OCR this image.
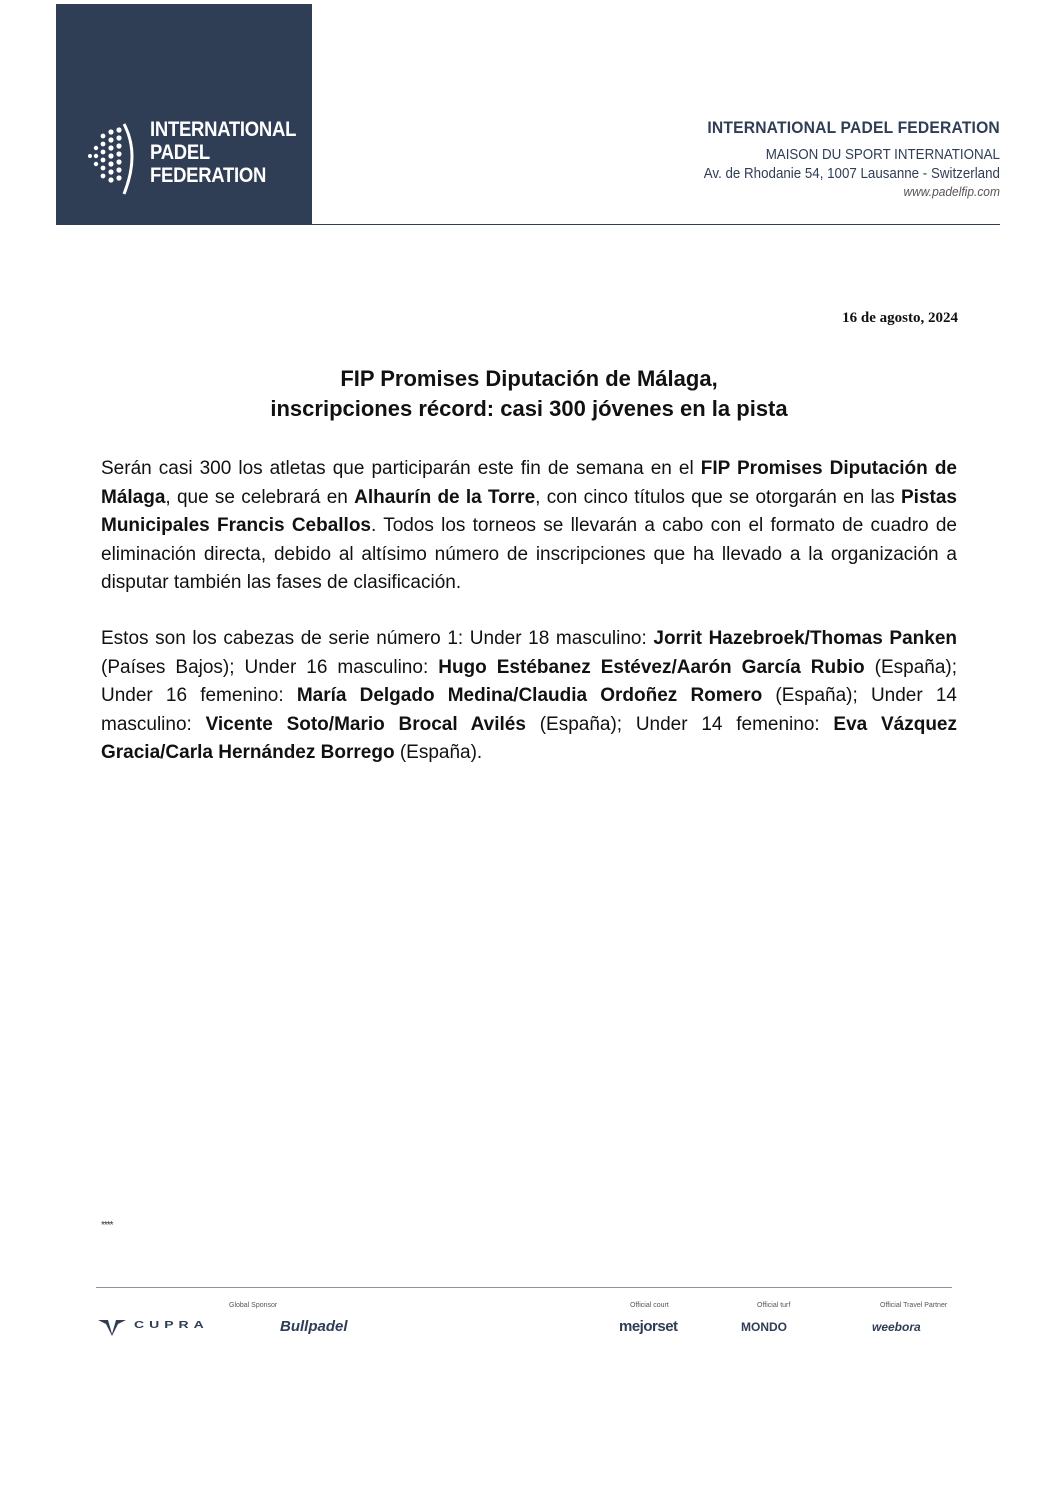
INTERNATIONAL
PADEL
FEDERATION
INTERNATIONAL PADEL FEDERATION
MAISON DU SPORT INTERNATIONAL
Av. de Rhodanie 54, 1007 Lausanne - Switzerland
www.padelfip.com
16 de agosto, 2024
FIP Promises Diputación de Málaga,
inscripciones récord: casi 300 jóvenes en la pista
Serán casi 300 los atletas que participarán este fin de semana en el FIP Promises Diputación de Málaga, que se celebrará en Alhaurín de la Torre, con cinco títulos que se otorgarán en las Pistas Municipales Francis Ceballos. Todos los torneos se llevarán a cabo con el formato de cuadro de eliminación directa, debido al altísimo número de inscripciones que ha llevado a la organización a disputar también las fases de clasificación.
Estos son los cabezas de serie número 1: Under 18 masculino: Jorrit Hazebroek/Thomas Panken (Países Bajos); Under 16 masculino: Hugo Estébanez Estévez/Aarón García Rubio (España); Under 16 femenino: María Delgado Medina/Claudia Ordoñez Romero (España); Under 14 masculino: Vicente Soto/Mario Brocal Avilés (España); Under 14 femenino: Eva Vázquez Gracia/Carla Hernández Borrego (España).
****
Global Sponsor	Official court	Official turf	Official Travel Partner
CUPRA	Bullpadel	mejorset	MONDO	weebora
